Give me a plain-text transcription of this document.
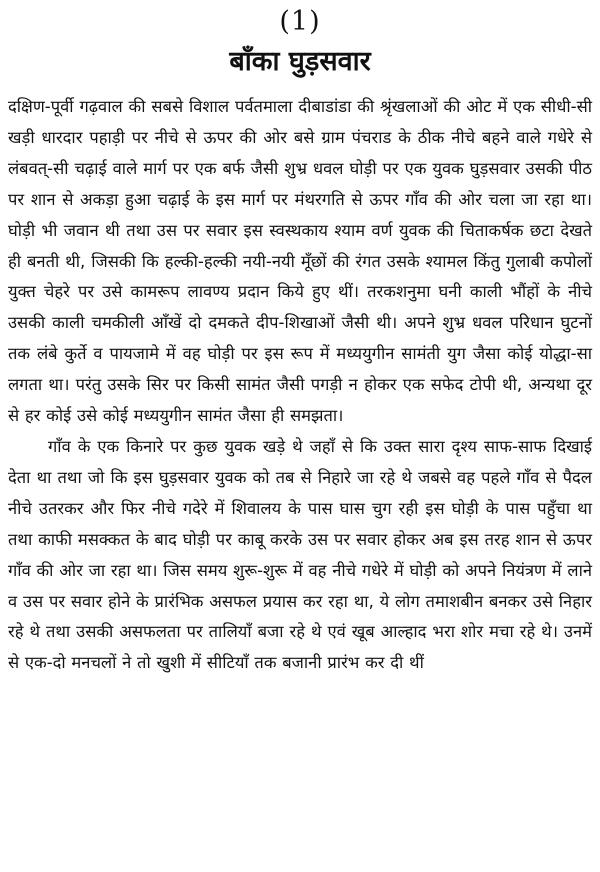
(1)
बाँका घुड़सवार

दक्षिण-पूर्वी गढ़वाल की सबसे विशाल पर्वतमाला दीबाडांडा की श्रृंखलाओं की ओट में एक सीधी-सी खड़ी धारदार पहाड़ी पर नीचे से ऊपर की ओर बसे ग्राम पंचराड के ठीक नीचे बहने वाले गधेरे से लंबवत्-सी चढ़ाई वाले मार्ग पर एक बर्फ जैसी शुभ्र धवल घोड़ी पर एक युवक घुड़सवार उसकी पीठ पर शान से अकड़ा हुआ चढ़ाई के इस मार्ग पर मंथरगति से ऊपर गाँव की ओर चला जा रहा था। घोड़ी भी जवान थी तथा उस पर सवार इस स्वस्थकाय श्याम वर्ण युवक की चिताकर्षक छटा देखते ही बनती थी, जिसकी कि हल्की-हल्की नयी-नयी मूँछों की रंगत उसके श्यामल किंतु गुलाबी कपोलों युक्त चेहरे पर उसे कामरूप लावण्य प्रदान किये हुए थीं। तरकशनुमा घनी काली भौंहों के नीचे उसकी काली चमकीली आँखें दो दमकते दीप-शिखाओं जैसी थी। अपने शुभ्र धवल परिधान घुटनों तक लंबे कुर्ते व पायजामे में वह घोड़ी पर इस रूप में मध्ययुगीन सामंती युग जैसा कोई योद्धा-सा लगता था। परंतु उसके सिर पर किसी सामंत जैसी पगड़ी न होकर एक सफेद टोपी थी, अन्यथा दूर से हर कोई उसे कोई मध्ययुगीन सामंत जैसा ही समझता।

गाँव के एक किनारे पर कुछ युवक खड़े थे जहाँ से कि उक्त सारा दृश्य साफ-साफ दिखाई देता था तथा जो कि इस घुड़सवार युवक को तब से निहारे जा रहे थे जबसे वह पहले गाँव से पैदल नीचे उतरकर और फिर नीचे गदेरे में शिवालय के पास घास चुग रही इस घोड़ी के पास पहुँचा था तथा काफी मसक्कत के बाद घोड़ी पर काबू करके उस पर सवार होकर अब इस तरह शान से ऊपर गाँव की ओर जा रहा था। जिस समय शुरू-शुरू में वह नीचे गधेरे में घोड़ी को अपने नियंत्रण में लाने व उस पर सवार होने के प्रारंभिक असफल प्रयास कर रहा था, ये लोग तमाशबीन बनकर उसे निहार रहे थे तथा उसकी असफलता पर तालियाँ बजा रहे थे एवं खूब आल्हाद भरा शोर मचा रहे थे। उनमें से एक-दो मनचलों ने तो खुशी में सीटियाँ तक बजानी प्रारंभ कर दी थीं
